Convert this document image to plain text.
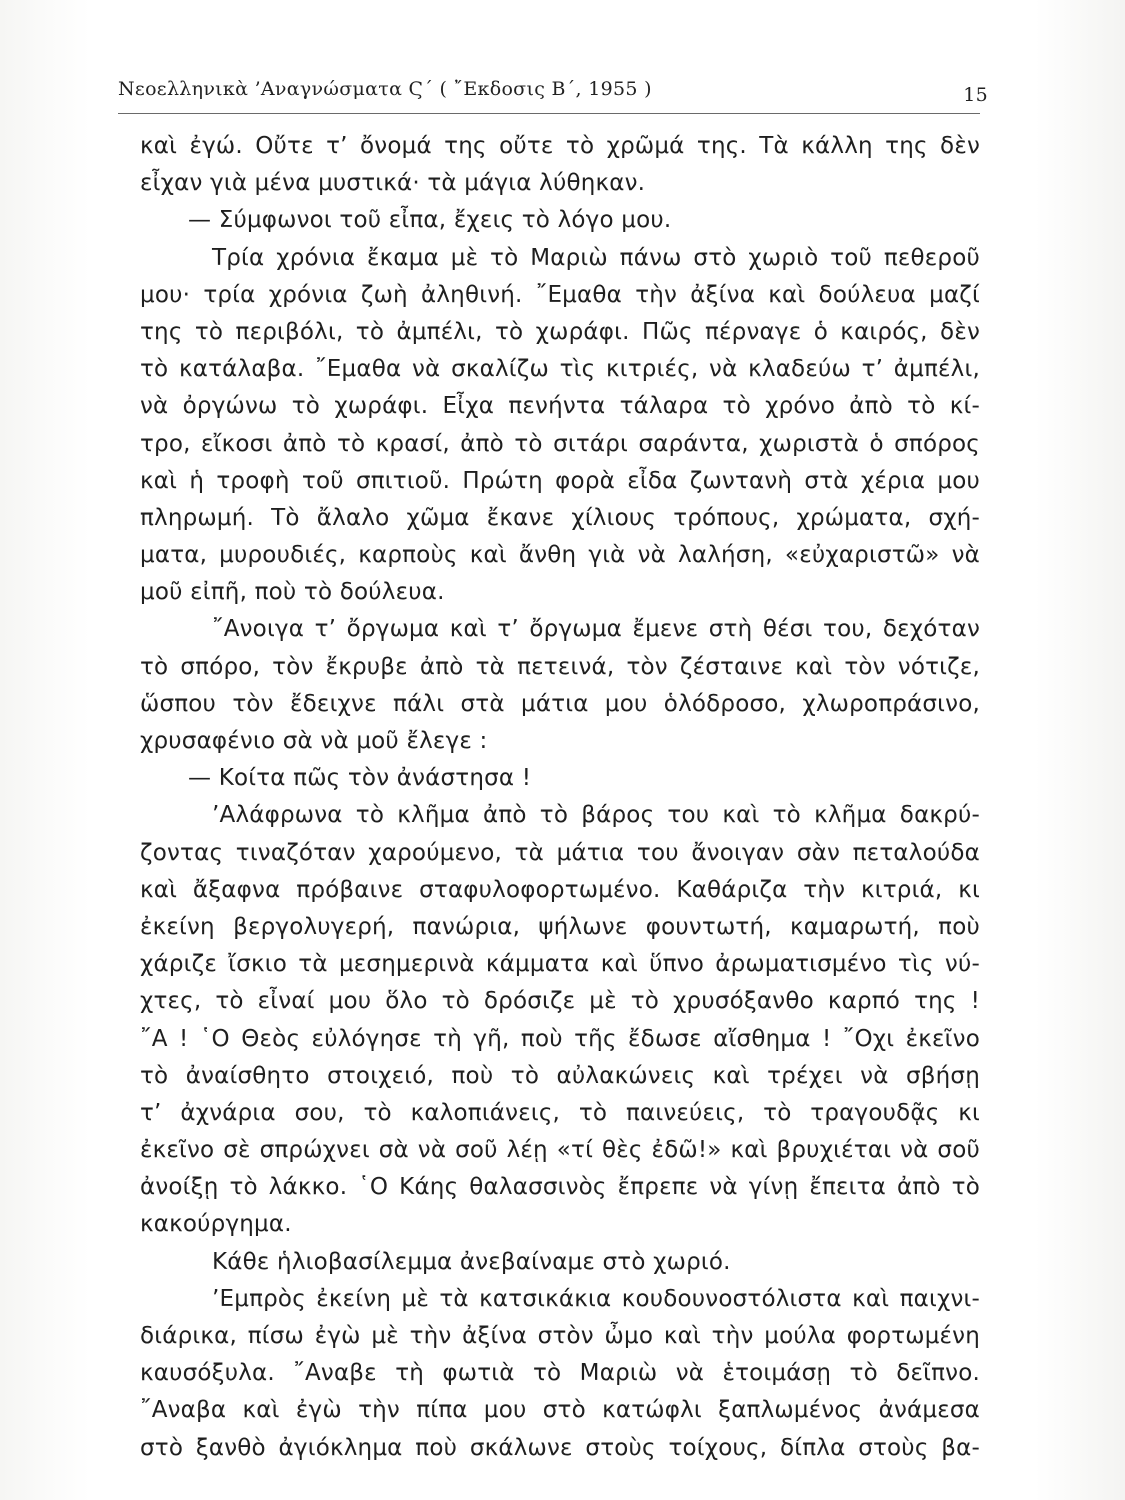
Νεοελληνικὰ ’Αναγνώσματα Ϛ΄ ( ῎Εκδοσις Β΄, 1955 )	15
καὶ ἐγώ. Οὔτε τ’ ὄνομά της οὔτε τὸ χρῶμά της. Τὰ κάλλη της δὲν
εἶχαν γιὰ μένα μυστικά· τὰ μάγια λύθηκαν.
— Σύμφωνοι τοῦ εἶπα, ἔχεις τὸ λόγο μου.
Τρία χρόνια ἔκαμα μὲ τὸ Μαριὼ πάνω στὸ χωριὸ τοῦ πεθεροῦ
μου· τρία χρόνια ζωὴ ἀληθινή. ῎Εμαθα τὴν ἀξίνα καὶ δούλευα μαζί
της τὸ περιβόλι, τὸ ἀμπέλι, τὸ χωράφι. Πῶς πέρναγε ὁ καιρός, δὲν
τὸ κατάλαβα. ῎Εμαθα νὰ σκαλίζω τὶς κιτριές, νὰ κλαδεύω τ’ ἀμπέλι,
νὰ ὀργώνω τὸ χωράφι. Εἶχα πενήντα τάλαρα τὸ χρόνο ἀπὸ τὸ κί-
τρο, εἴκοσι ἀπὸ τὸ κρασί, ἀπὸ τὸ σιτάρι σαράντα, χωριστὰ ὁ σπόρος
καὶ ἡ τροφὴ τοῦ σπιτιοῦ. Πρώτη φορὰ εἶδα ζωντανὴ στὰ χέρια μου
πληρωμή. Τὸ ἄλαλο χῶμα ἔκανε χίλιους τρόπους, χρώματα, σχή-
ματα, μυρουδιές, καρποὺς καὶ ἄνθη γιὰ νὰ λαλήση, «εὐχαριστῶ» νὰ
μοῦ εἰπῆ, ποὺ τὸ δούλευα.
῎Ανοιγα τ’ ὄργωμα καὶ τ’ ὄργωμα ἔμενε στὴ θέσι του, δεχόταν
τὸ σπόρο, τὸν ἔκρυβε ἀπὸ τὰ πετεινά, τὸν ζέσταινε καὶ τὸν νότιζε,
ὥσπου τὸν ἔδειχνε πάλι στὰ μάτια μου ὁλόδροσο, χλωροπράσινο,
χρυσαφένιο σὰ νὰ μοῦ ἔλεγε :
— Κοίτα πῶς τὸν ἀνάστησα !
’Αλάφρωνα τὸ κλῆμα ἀπὸ τὸ βάρος του καὶ τὸ κλῆμα δακρύ-
ζοντας τιναζόταν χαρούμενο, τὰ μάτια του ἄνοιγαν σὰν πεταλούδα
καὶ ἄξαφνα πρόβαινε σταφυλοφορτωμένο. Καθάριζα τὴν κιτριά, κι
ἐκείνη βεργολυγερή, πανώρια, ψήλωνε φουντωτή, καμαρωτή, ποὺ
χάριζε ἴσκιο τὰ μεσημερινὰ κάμματα καὶ ὕπνο ἀρωματισμένο τὶς νύ-
χτες, τὸ εἶναί μου ὅλο τὸ δρόσιζε μὲ τὸ χρυσόξανθο καρπό της !
῎Α ! ῾Ο Θεὸς εὐλόγησε τὴ γῆ, ποὺ τῆς ἔδωσε αἴσθημα ! ῎Οχι ἐκεῖνο
τὸ ἀναίσθητο στοιχειό, ποὺ τὸ αὐλακώνεις καὶ τρέχει νὰ σβήσῃ
τ’ ἀχνάρια σου, τὸ καλοπιάνεις, τὸ παινεύεις, τὸ τραγουδᾷς κι
ἐκεῖνο σὲ σπρώχνει σὰ νὰ σοῦ λέῃ «τί θὲς ἐδῶ!» καὶ βρυχιέται νὰ σοῦ
ἀνοίξῃ τὸ λάκκο. ῾Ο Κάης θαλασσινὸς ἔπρεπε νὰ γίνῃ ἔπειτα ἀπὸ τὸ
κακούργημα.
Κάθε ἡλιοβασίλεμμα ἀνεβαίναμε στὸ χωριό.
’Εμπρὸς ἐκείνη μὲ τὰ κατσικάκια κουδουνοστόλιστα καὶ παιχνι-
διάρικα, πίσω ἐγὼ μὲ τὴν ἀξίνα στὸν ὦμο καὶ τὴν μούλα φορτωμένη
καυσόξυλα. ῎Αναβε τὴ φωτιὰ τὸ Μαριὼ νὰ ἑτοιμάσῃ τὸ δεῖπνο.
῎Αναβα καὶ ἐγὼ τὴν πίπα μου στὸ κατώφλι ξαπλωμένος ἀνάμεσα
στὸ ξανθὸ ἀγιόκλημα ποὺ σκάλωνε στοὺς τοίχους, δίπλα στοὺς βα-
